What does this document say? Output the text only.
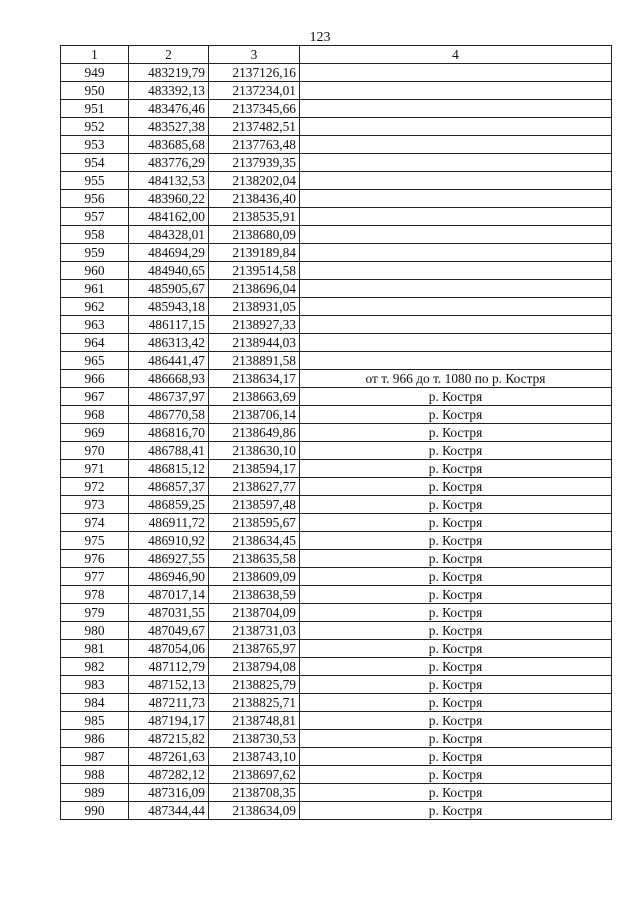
123
1	2	3	4
949	483219,79	2137126,16	
950	483392,13	2137234,01	
951	483476,46	2137345,66	
952	483527,38	2137482,51	
953	483685,68	2137763,48	
954	483776,29	2137939,35	
955	484132,53	2138202,04	
956	483960,22	2138436,40	
957	484162,00	2138535,91	
958	484328,01	2138680,09	
959	484694,29	2139189,84	
960	484940,65	2139514,58	
961	485905,67	2138696,04	
962	485943,18	2138931,05	
963	486117,15	2138927,33	
964	486313,42	2138944,03	
965	486441,47	2138891,58	
966	486668,93	2138634,17	от т. 966 до т. 1080 по р. Костря
967	486737,97	2138663,69	р. Костря
968	486770,58	2138706,14	р. Костря
969	486816,70	2138649,86	р. Костря
970	486788,41	2138630,10	р. Костря
971	486815,12	2138594,17	р. Костря
972	486857,37	2138627,77	р. Костря
973	486859,25	2138597,48	р. Костря
974	486911,72	2138595,67	р. Костря
975	486910,92	2138634,45	р. Костря
976	486927,55	2138635,58	р. Костря
977	486946,90	2138609,09	р. Костря
978	487017,14	2138638,59	р. Костря
979	487031,55	2138704,09	р. Костря
980	487049,67	2138731,03	р. Костря
981	487054,06	2138765,97	р. Костря
982	487112,79	2138794,08	р. Костря
983	487152,13	2138825,79	р. Костря
984	487211,73	2138825,71	р. Костря
985	487194,17	2138748,81	р. Костря
986	487215,82	2138730,53	р. Костря
987	487261,63	2138743,10	р. Костря
988	487282,12	2138697,62	р. Костря
989	487316,09	2138708,35	р. Костря
990	487344,44	2138634,09	р. Костря
